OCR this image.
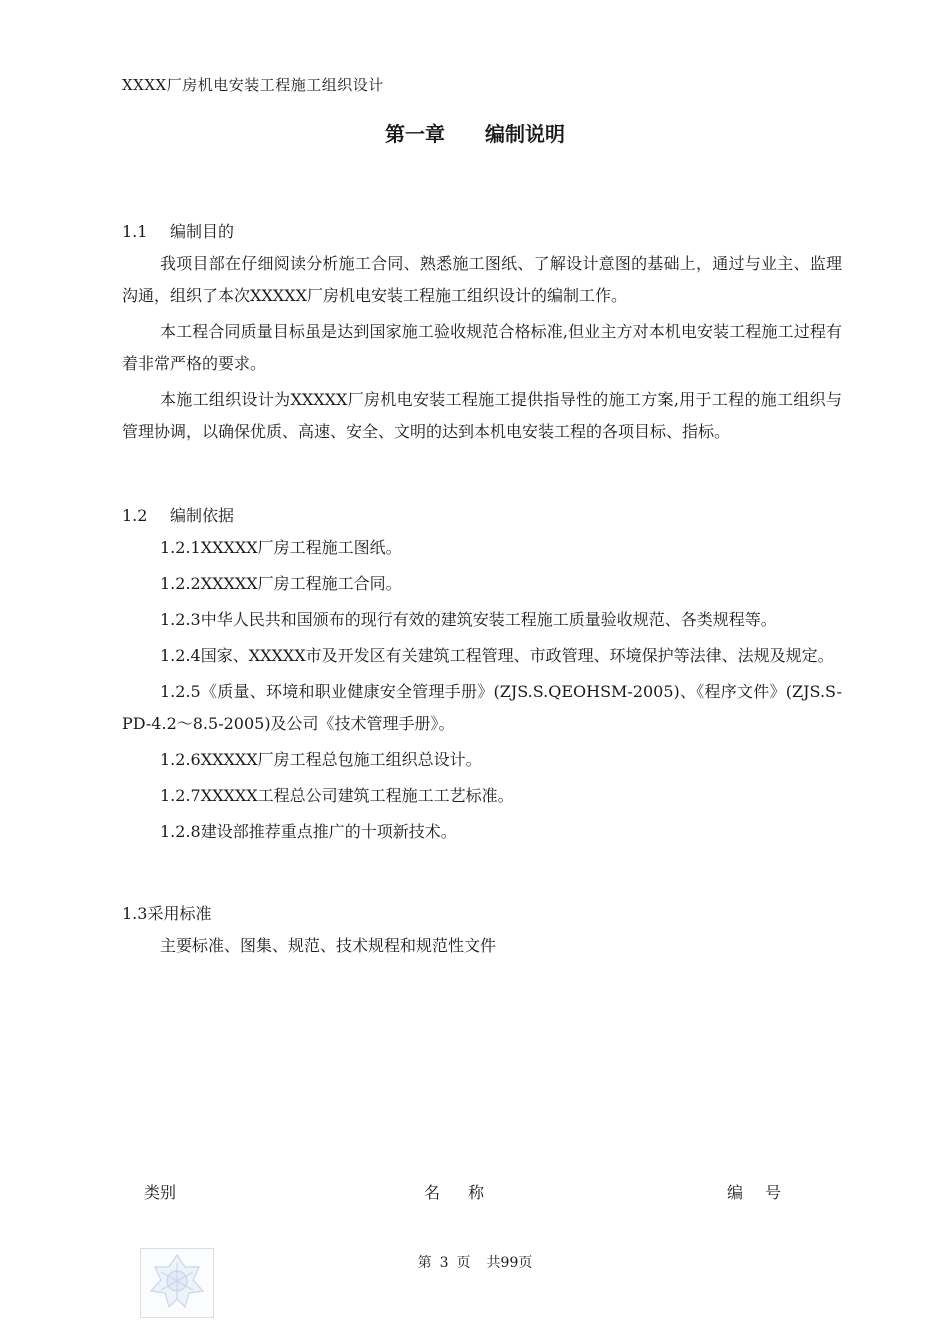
XXXX厂房机电安装工程施工组织设计
第一章 编制说明
1.1 编制目的

我项目部在仔细阅读分析施工合同、熟悉施工图纸、了解设计意图的基础上，通过与业主、监理沟通，组织了本次XXXXX厂房机电安装工程施工组织设计的编制工作。

本工程合同质量目标虽是达到国家施工验收规范合格标准,但业主方对本机电安装工程施工过程有着非常严格的要求。

本施工组织设计为XXXXX厂房机电安装工程施工提供指导性的施工方案,用于工程的施工组织与管理协调，以确保优质、高速、安全、文明的达到本机电安装工程的各项目标、指标。

1.2 编制依据

1.2.1XXXXX厂房工程施工图纸。

1.2.2XXXXX厂房工程施工合同。

1.2.3中华人民共和国颁布的现行有效的建筑安装工程施工质量验收规范、各类规程等。

1.2.4国家、XXXXX市及开发区有关建筑工程管理、市政管理、环境保护等法律、法规及规定。

1.2.5《质量、环境和职业健康安全管理手册》(ZJS.S.QEOHSM-2005)、《程序文件》(ZJS.S-PD-4.2～8.5-2005)及公司《技术管理手册》。

1.2.6XXXXX厂房工程总包施工组织总设计。

1.2.7XXXXX工程总公司建筑工程施工工艺标准。

1.2.8建设部推荐重点推广的十项新技术。

1.3采用标准

主要标准、图集、规范、技术规程和规范性文件

类别	名称	编号
第 3 页 共99页
